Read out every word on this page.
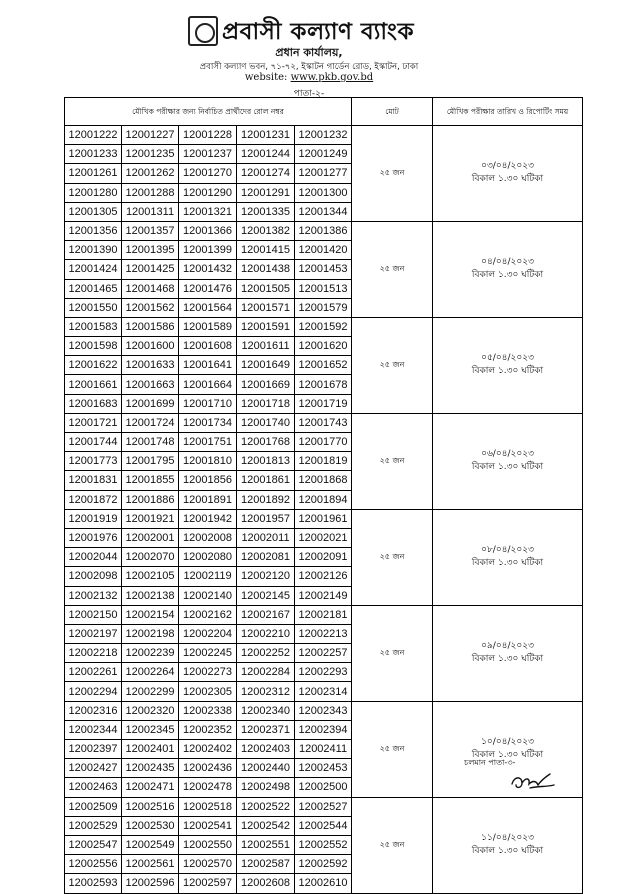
প্রবাসী কল্যাণ ব্যাংক
প্রধান কার্যালয়,
প্রবাসী কল্যাণ ভবন, ৭১-৭২, ইস্কাটন গার্ডেন রোড, ইস্কাটন, ঢাকা
website: www.pkb.gov.bd
পাতা-২-
মৌখিক পরীক্ষার জন্য নির্বাচিত প্রার্থীদের রোল নম্বর					মোট	মৌখিক পরীক্ষার তারিখ ও রিপোর্টিং সময়
12001222	12001227	12001228	12001231	12001232	২৫ জন	০৩/০৪/২০২৩
বিকাল ১.৩০ ঘটিকা

12001233	12001235	12001237	12001244	12001249		
12001261	12001262	12001270	12001274	12001277		
12001280	12001288	12001290	12001291	12001300		
12001305	12001311	12001321	12001335	12001344		
12001356	12001357	12001366	12001382	12001386	২৫ জন	০৪/০৪/২০২৩
বিকাল ১.৩০ ঘটিকা

12001390	12001395	12001399	12001415	12001420		
12001424	12001425	12001432	12001438	12001453		
12001465	12001468	12001476	12001505	12001513		
12001550	12001562	12001564	12001571	12001579		
12001583	12001586	12001589	12001591	12001592	২৫ জন	০৫/০৪/২০২৩
বিকাল ১.৩০ ঘটিকা

12001598	12001600	12001608	12001611	12001620		
12001622	12001633	12001641	12001649	12001652		
12001661	12001663	12001664	12001669	12001678		
12001683	12001699	12001710	12001718	12001719		
12001721	12001724	12001734	12001740	12001743	২৫ জন	০৬/০৪/২০২৩
বিকাল ১.৩০ ঘটিকা

12001744	12001748	12001751	12001768	12001770		
12001773	12001795	12001810	12001813	12001819		
12001831	12001855	12001856	12001861	12001868		
12001872	12001886	12001891	12001892	12001894		
12001919	12001921	12001942	12001957	12001961	২৫ জন	০৮/০৪/২০২৩
বিকাল ১.৩০ ঘটিকা

12001976	12002001	12002008	12002011	12002021		
12002044	12002070	12002080	12002081	12002091		
12002098	12002105	12002119	12002120	12002126		
12002132	12002138	12002140	12002145	12002149		
12002150	12002154	12002162	12002167	12002181	২৫ জন	০৯/০৪/২০২৩
বিকাল ১.৩০ ঘটিকা

12002197	12002198	12002204	12002210	12002213		
12002218	12002239	12002245	12002252	12002257		
12002261	12002264	12002273	12002284	12002293		
12002294	12002299	12002305	12002312	12002314		
12002316	12002320	12002338	12002340	12002343	২৫ জন	১০/০৪/২০২৩
বিকাল ১.৩০ ঘটিকা

12002344	12002345	12002352	12002371	12002394		
12002397	12002401	12002402	12002403	12002411		
12002427	12002435	12002436	12002440	12002453		
12002463	12002471	12002478	12002498	12002500		
12002509	12002516	12002518	12002522	12002527	২৫ জন	১১/০৪/২০২৩
বিকাল ১.৩০ ঘটিকা

12002529	12002530	12002541	12002542	12002544		
12002547	12002549	12002550	12002551	12002552		
12002556	12002561	12002570	12002587	12002592		
12002593	12002596	12002597	12002608	12002610		
চলমান পাতা-৩-
